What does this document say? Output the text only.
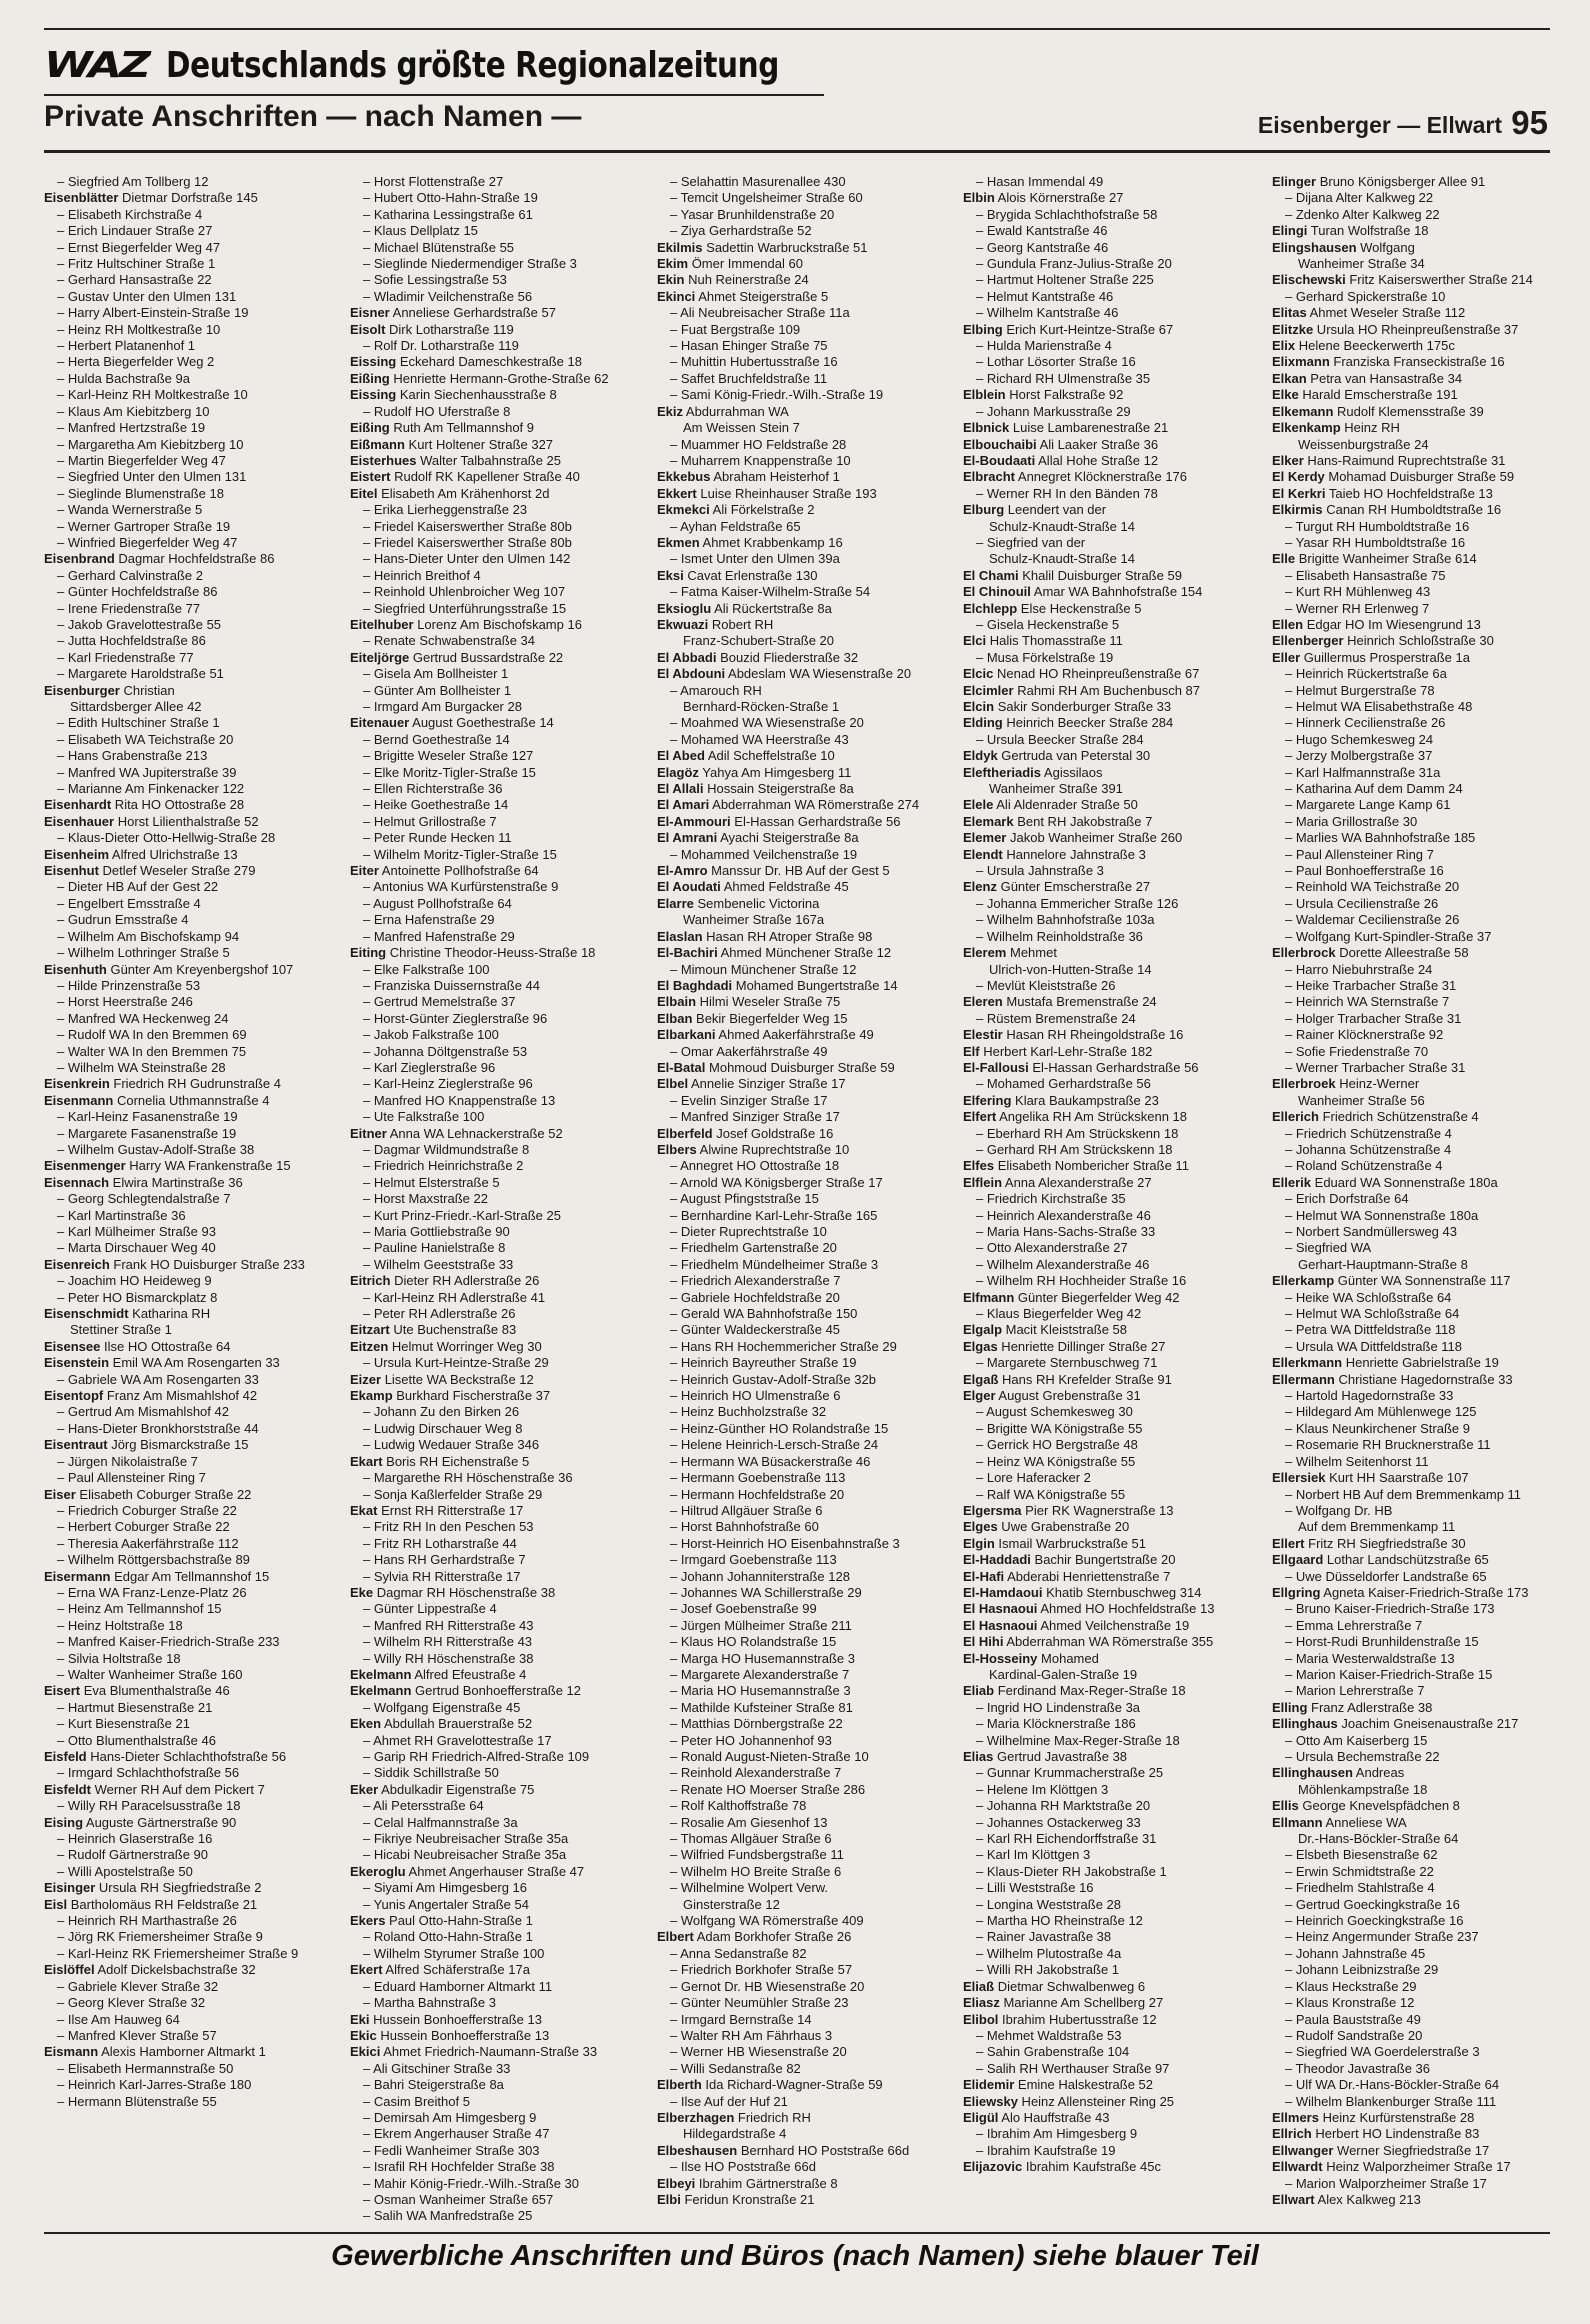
WAZ Deutschlands größte Regionalzeitung
Private Anschriften — nach Namen —	Eisenberger — Ellwart 95
– Siegfried Am Tollberg 12
Eisenblätter Dietmar Dorfstraße 145
– Elisabeth Kirchstraße 4
– Erich Lindauer Straße 27
– Ernst Biegerfelder Weg 47
– Fritz Hultschiner Straße 1
– Gerhard Hansastraße 22
– Gustav Unter den Ulmen 131
– Harry Albert-Einstein-Straße 19
– Heinz RH Moltkestraße 10
– Herbert Platanenhof 1
– Herta Biegerfelder Weg 2
– Hulda Bachstraße 9a
– Karl-Heinz RH Moltkestraße 10
– Klaus Am Kiebitzberg 10
– Manfred Hertzstraße 19
– Margaretha Am Kiebitzberg 10
– Martin Biegerfelder Weg 47
– Siegfried Unter den Ulmen 131
– Sieglinde Blumenstraße 18
– Wanda Wernerstraße 5
– Werner Gartroper Straße 19
– Winfried Biegerfelder Weg 47
Eisenbrand Dagmar Hochfeldstraße 86
– Gerhard Calvinstraße 2
– Günter Hochfeldstraße 86
– Irene Friedenstraße 77
– Jakob Gravelottestraße 55
– Jutta Hochfeldstraße 86
– Karl Friedenstraße 77
– Margarete Haroldstraße 51
Eisenburger Christian
Sittardsberger Allee 42
– Edith Hultschiner Straße 1
– Elisabeth WA Teichstraße 20
– Hans Grabenstraße 213
– Manfred WA Jupiterstraße 39
– Marianne Am Finkenacker 122
Eisenhardt Rita HO Ottostraße 28
Eisenhauer Horst Lilienthalstraße 52
– Klaus-Dieter Otto-Hellwig-Straße 28
Eisenheim Alfred Ulrichstraße 13
Eisenhut Detlef Weseler Straße 279
– Dieter HB Auf der Gest 22
– Engelbert Emsstraße 4
– Gudrun Emsstraße 4
– Wilhelm Am Bischofskamp 94
– Wilhelm Lothringer Straße 5
Eisenhuth Günter Am Kreyenbergshof 107
– Hilde Prinzenstraße 53
– Horst Heerstraße 246
– Manfred WA Heckenweg 24
– Rudolf WA In den Bremmen 69
– Walter WA In den Bremmen 75
– Wilhelm WA Steinstraße 28
Eisenkrein Friedrich RH Gudrunstraße 4
Eisenmann Cornelia Uthmannstraße 4
– Karl-Heinz Fasanenstraße 19
– Margarete Fasanenstraße 19
– Wilhelm Gustav-Adolf-Straße 38
Eisenmenger Harry WA Frankenstraße 15
Eisennach Elwira Martinstraße 36
– Georg Schlegtendalstraße 7
– Karl Martinstraße 36
– Karl Mülheimer Straße 93
– Marta Dirschauer Weg 40
Eisenreich Frank HO Duisburger Straße 233
– Joachim HO Heideweg 9
– Peter HO Bismarckplatz 8
Eisenschmidt Katharina RH
Stettiner Straße 1
Eisensee Ilse HO Ottostraße 64
Eisenstein Emil WA Am Rosengarten 33
– Gabriele WA Am Rosengarten 33
Eisentopf Franz Am Mismahlshof 42
– Gertrud Am Mismahlshof 42
– Hans-Dieter Bronkhorststraße 44
Eisentraut Jörg Bismarckstraße 15
– Jürgen Nikolaistraße 7
– Paul Allensteiner Ring 7
Eiser Elisabeth Coburger Straße 22
– Friedrich Coburger Straße 22
– Herbert Coburger Straße 22
– Theresia Aakerfährstraße 112
– Wilhelm Röttgersbachstraße 89
Eisermann Edgar Am Tellmannshof 15
– Erna WA Franz-Lenze-Platz 26
– Heinz Am Tellmannshof 15
– Heinz Holtstraße 18
– Manfred Kaiser-Friedrich-Straße 233
– Silvia Holtstraße 18
– Walter Wanheimer Straße 160
Eisert Eva Blumenthalstraße 46
– Hartmut Biesenstraße 21
– Kurt Biesenstraße 21
– Otto Blumenthalstraße 46
Eisfeld Hans-Dieter Schlachthofstraße 56
– Irmgard Schlachthofstraße 56
Eisfeldt Werner RH Auf dem Pickert 7
– Willy RH Paracelsusstraße 18
Eising Auguste Gärtnerstraße 90
– Heinrich Glaserstraße 16
– Rudolf Gärtnerstraße 90
– Willi Apostelstraße 50
Eisinger Ursula RH Siegfriedstraße 2
Eisl Bartholomäus RH Feldstraße 21
– Heinrich RH Marthastraße 26
– Jörg RK Friemersheimer Straße 9
– Karl-Heinz RK Friemersheimer Straße 9
Eislöffel Adolf Dickelsbachstraße 32
– Gabriele Klever Straße 32
– Georg Klever Straße 32
– Ilse Am Hauweg 64
– Manfred Klever Straße 57
Eismann Alexis Hamborner Altmarkt 1
– Elisabeth Hermannstraße 50
– Heinrich Karl-Jarres-Straße 180
– Hermann Blütenstraße 55
– Horst Flottenstraße 27
– Hubert Otto-Hahn-Straße 19
– Katharina Lessingstraße 61
– Klaus Dellplatz 15
– Michael Blütenstraße 55
– Sieglinde Niedermendiger Straße 3
– Sofie Lessingstraße 53
– Wladimir Veilchenstraße 56
Eisner Anneliese Gerhardstraße 57
Eisolt Dirk Lotharstraße 119
– Rolf Dr. Lotharstraße 119
Eissing Eckehard Dameschkestraße 18
Eißing Henriette Hermann-Grothe-Straße 62
Eissing Karin Siechenhausstraße 8
– Rudolf HO Uferstraße 8
Eißing Ruth Am Tellmannshof 9
Eißmann Kurt Holtener Straße 327
Eisterhues Walter Talbahnstraße 25
Eistert Rudolf RK Kapellener Straße 40
Eitel Elisabeth Am Krähenhorst 2d
– Erika Lierheggenstraße 23
– Friedel Kaiserswerther Straße 80b
– Friedel Kaiserswerther Straße 80b
– Hans-Dieter Unter den Ulmen 142
– Heinrich Breithof 4
– Reinhold Uhlenbroicher Weg 107
– Siegfried Unterführungsstraße 15
Eitelhuber Lorenz Am Bischofskamp 16
– Renate Schwabenstraße 34
Eiteljörge Gertrud Bussardstraße 22
– Gisela Am Bollheister 1
– Günter Am Bollheister 1
– Irmgard Am Burgacker 28
Eitenauer August Goethestraße 14
– Bernd Goethestraße 14
– Brigitte Weseler Straße 127
– Elke Moritz-Tigler-Straße 15
– Ellen Richterstraße 36
– Heike Goethestraße 14
– Helmut Grillostraße 7
– Peter Runde Hecken 11
– Wilhelm Moritz-Tigler-Straße 15
Eiter Antoinette Pollhofstraße 64
– Antonius WA Kurfürstenstraße 9
– August Pollhofstraße 64
– Erna Hafenstraße 29
– Manfred Hafenstraße 29
Eiting Christine Theodor-Heuss-Straße 18
– Elke Falkstraße 100
– Franziska Duissernstraße 44
– Gertrud Memelstraße 37
– Horst-Günter Zieglerstraße 96
– Jakob Falkstraße 100
– Johanna Döltgenstraße 53
– Karl Zieglerstraße 96
– Karl-Heinz Zieglerstraße 96
– Manfred HO Knappenstraße 13
– Ute Falkstraße 100
Eitner Anna WA Lehnackerstraße 52
– Dagmar Wildmundstraße 8
– Friedrich Heinrichstraße 2
– Helmut Elsterstraße 5
– Horst Maxstraße 22
– Kurt Prinz-Friedr.-Karl-Straße 25
– Maria Gottliebstraße 90
– Pauline Hanielstraße 8
– Wilhelm Geeststraße 33
Eitrich Dieter RH Adlerstraße 26
– Karl-Heinz RH Adlerstraße 41
– Peter RH Adlerstraße 26
Eitzart Ute Buchenstraße 83
Eitzen Helmut Worringer Weg 30
– Ursula Kurt-Heintze-Straße 29
Eizer Lisette WA Beckstraße 12
Ekamp Burkhard Fischerstraße 37
– Johann Zu den Birken 26
– Ludwig Dirschauer Weg 8
– Ludwig Wedauer Straße 346
Ekart Boris RH Eichenstraße 5
– Margarethe RH Höschenstraße 36
– Sonja Kaßlerfelder Straße 29
Ekat Ernst RH Ritterstraße 17
– Fritz RH In den Peschen 53
– Fritz RH Lotharstraße 44
– Hans RH Gerhardstraße 7
– Sylvia RH Ritterstraße 17
Eke Dagmar RH Höschenstraße 38
– Günter Lippestraße 4
– Manfred RH Ritterstraße 43
– Wilhelm RH Ritterstraße 43
– Willy RH Höschenstraße 38
Ekelmann Alfred Efeustraße 4
Ekelmann Gertrud Bonhoefferstraße 12
– Wolfgang Eigenstraße 45
Eken Abdullah Brauerstraße 52
– Ahmet RH Gravelottestraße 17
– Garip RH Friedrich-Alfred-Straße 109
– Siddik Schillstraße 50
Eker Abdulkadir Eigenstraße 75
– Ali Petersstraße 64
– Celal Halfmannstraße 3a
– Fikriye Neubreisacher Straße 35a
– Hicabi Neubreisacher Straße 35a
Ekeroglu Ahmet Angerhauser Straße 47
– Siyami Am Himgesberg 16
– Yunis Angertaler Straße 54
Ekers Paul Otto-Hahn-Straße 1
– Roland Otto-Hahn-Straße 1
– Wilhelm Styrumer Straße 100
Ekert Alfred Schäferstraße 17a
– Eduard Hamborner Altmarkt 11
– Martha Bahnstraße 3
Eki Hussein Bonhoefferstraße 13
Ekic Hussein Bonhoefferstraße 13
Ekici Ahmet Friedrich-Naumann-Straße 33
– Ali Gitschiner Straße 33
– Bahri Steigerstraße 8a
– Casim Breithof 5
– Demirsah Am Himgesberg 9
– Ekrem Angerhauser Straße 47
– Fedli Wanheimer Straße 303
– Israfil RH Hochfelder Straße 38
– Mahir König-Friedr.-Wilh.-Straße 30
– Osman Wanheimer Straße 657
– Salih WA Manfredstraße 25
– Selahattin Masurenallee 430
– Temcit Ungelsheimer Straße 60
– Yasar Brunhildenstraße 20
– Ziya Gerhardstraße 52
Ekilmis Sadettin Warbruckstraße 51
Ekim Ömer Immendal 60
Ekin Nuh Reinerstraße 24
Ekinci Ahmet Steigerstraße 5
– Ali Neubreisacher Straße 11a
– Fuat Bergstraße 109
– Hasan Ehinger Straße 75
– Muhittin Hubertusstraße 16
– Saffet Bruchfeldstraße 11
– Sami König-Friedr.-Wilh.-Straße 19
Ekiz Abdurrahman WA
Am Weissen Stein 7
– Muammer HO Feldstraße 28
– Muharrem Knappenstraße 10
Ekkebus Abraham Heisterhof 1
Ekkert Luise Rheinhauser Straße 193
Ekmekci Ali Förkelstraße 2
– Ayhan Feldstraße 65
Ekmen Ahmet Krabbenkamp 16
– Ismet Unter den Ulmen 39a
Eksi Cavat Erlenstraße 130
– Fatma Kaiser-Wilhelm-Straße 54
Eksioglu Ali Rückertstraße 8a
Ekwuazi Robert RH
Franz-Schubert-Straße 20
El Abbadi Bouzid Fliederstraße 32
El Abdouni Abdeslam WA Wiesenstraße 20
– Amarouch RH
Bernhard-Röcken-Straße 1
– Moahmed WA Wiesenstraße 20
– Mohamed WA Heerstraße 43
El Abed Adil Scheffelstraße 10
Elagöz Yahya Am Himgesberg 11
El Allali Hossain Steigerstraße 8a
El Amari Abderrahman WA Römerstraße 274
El-Ammouri El-Hassan Gerhardstraße 56
El Amrani Ayachi Steigerstraße 8a
– Mohammed Veilchenstraße 19
El-Amro Manssur Dr. HB Auf der Gest 5
El Aoudati Ahmed Feldstraße 45
Elarre Sembenelic Victorina
Wanheimer Straße 167a
Elaslan Hasan RH Atroper Straße 98
El-Bachiri Ahmed Münchener Straße 12
– Mimoun Münchener Straße 12
El Baghdadi Mohamed Bungertstraße 14
Elbain Hilmi Weseler Straße 75
Elban Bekir Biegerfelder Weg 15
Elbarkani Ahmed Aakerfährstraße 49
– Omar Aakerfährstraße 49
El-Batal Mohmoud Duisburger Straße 59
Elbel Annelie Sinziger Straße 17
– Evelin Sinziger Straße 17
– Manfred Sinziger Straße 17
Elberfeld Josef Goldstraße 16
Elbers Alwine Ruprechtstraße 10
– Annegret HO Ottostraße 18
– Arnold WA Königsberger Straße 17
– August Pfingststraße 15
– Bernhardine Karl-Lehr-Straße 165
– Dieter Ruprechtstraße 10
– Friedhelm Gartenstraße 20
– Friedhelm Mündelheimer Straße 3
– Friedrich Alexanderstraße 7
– Gabriele Hochfeldstraße 20
– Gerald WA Bahnhofstraße 150
– Günter Waldeckerstraße 45
– Hans RH Hochemmericher Straße 29
– Heinrich Bayreuther Straße 19
– Heinrich Gustav-Adolf-Straße 32b
– Heinrich HO Ulmenstraße 6
– Heinz Buchholzstraße 32
– Heinz-Günther HO Rolandstraße 15
– Helene Heinrich-Lersch-Straße 24
– Hermann WA Büsackerstraße 46
– Hermann Goebenstraße 113
– Hermann Hochfeldstraße 20
– Hiltrud Allgäuer Straße 6
– Horst Bahnhofstraße 60
– Horst-Heinrich HO Eisenbahnstraße 3
– Irmgard Goebenstraße 113
– Johann Johanniterstraße 128
– Johannes WA Schillerstraße 29
– Josef Goebenstraße 99
– Jürgen Mülheimer Straße 211
– Klaus HO Rolandstraße 15
– Marga HO Husemannstraße 3
– Margarete Alexanderstraße 7
– Maria HO Husemannstraße 3
– Mathilde Kufsteiner Straße 81
– Matthias Dörnbergstraße 22
– Peter HO Johannenhof 93
– Ronald August-Nieten-Straße 10
– Reinhold Alexanderstraße 7
– Renate HO Moerser Straße 286
– Rolf Kalthoffstraße 78
– Rosalie Am Giesenhof 13
– Thomas Allgäuer Straße 6
– Wilfried Fundsbergstraße 11
– Wilhelm HO Breite Straße 6
– Wilhelmine Wolpert Verw.
Ginsterstraße 12
– Wolfgang WA Römerstraße 409
Elbert Adam Borkhofer Straße 26
– Anna Sedanstraße 82
– Friedrich Borkhofer Straße 57
– Gernot Dr. HB Wiesenstraße 20
– Günter Neumühler Straße 23
– Irmgard Bernstraße 14
– Walter RH Am Fährhaus 3
– Werner HB Wiesenstraße 20
– Willi Sedanstraße 82
Elberth Ida Richard-Wagner-Straße 59
– Ilse Auf der Huf 21
Elberzhagen Friedrich RH
Hildegardstraße 4
Elbeshausen Bernhard HO Poststraße 66d
– Ilse HO Poststraße 66d
Elbeyi Ibrahim Gärtnerstraße 8
Elbi Feridun Kronstraße 21
– Hasan Immendal 49
Elbin Alois Körnerstraße 27
– Brygida Schlachthofstraße 58
– Ewald Kantstraße 46
– Georg Kantstraße 46
– Gundula Franz-Julius-Straße 20
– Hartmut Holtener Straße 225
– Helmut Kantstraße 46
– Wilhelm Kantstraße 46
Elbing Erich Kurt-Heintze-Straße 67
– Hulda Marienstraße 4
– Lothar Lösorter Straße 16
– Richard RH Ulmenstraße 35
Elblein Horst Falkstraße 92
– Johann Markusstraße 29
Elbnick Luise Lambarenestraße 21
Elbouchaibi Ali Laaker Straße 36
El-Boudaati Allal Hohe Straße 12
Elbracht Annegret Klöcknerstraße 176
– Werner RH In den Bänden 78
Elburg Leendert van der
Schulz-Knaudt-Straße 14
– Siegfried van der
Schulz-Knaudt-Straße 14
El Chami Khalil Duisburger Straße 59
El Chinouil Amar WA Bahnhofstraße 154
Elchlepp Else Heckenstraße 5
– Gisela Heckenstraße 5
Elci Halis Thomasstraße 11
– Musa Förkelstraße 19
Elcic Nenad HO Rheinpreußenstraße 67
Elcimler Rahmi RH Am Buchenbusch 87
Elcin Sakir Sonderburger Straße 33
Elding Heinrich Beecker Straße 284
– Ursula Beecker Straße 284
Eldyk Gertruda van Peterstal 30
Eleftheriadis Agissilaos
Wanheimer Straße 391
Elele Ali Aldenrader Straße 50
Elemark Bent RH Jakobstraße 7
Elemer Jakob Wanheimer Straße 260
Elendt Hannelore Jahnstraße 3
– Ursula Jahnstraße 3
Elenz Günter Emscherstraße 27
– Johanna Emmericher Straße 126
– Wilhelm Bahnhofstraße 103a
– Wilhelm Reinholdstraße 36
Elerem Mehmet
Ulrich-von-Hutten-Straße 14
– Mevlüt Kleiststraße 26
Eleren Mustafa Bremenstraße 24
– Rüstem Bremenstraße 24
Elestir Hasan RH Rheingoldstraße 16
Elf Herbert Karl-Lehr-Straße 182
El-Fallousi El-Hassan Gerhardstraße 56
– Mohamed Gerhardstraße 56
Elfering Klara Baukampstraße 23
Elfert Angelika RH Am Strückskenn 18
– Eberhard RH Am Strückskenn 18
– Gerhard RH Am Strückskenn 18
Elfes Elisabeth Nombericher Straße 11
Elflein Anna Alexanderstraße 27
– Friedrich Kirchstraße 35
– Heinrich Alexanderstraße 46
– Maria Hans-Sachs-Straße 33
– Otto Alexanderstraße 27
– Wilhelm Alexanderstraße 46
– Wilhelm RH Hochheider Straße 16
Elfmann Günter Biegerfelder Weg 42
– Klaus Biegerfelder Weg 42
Elgalp Macit Kleiststraße 58
Elgas Henriette Dillinger Straße 27
– Margarete Sternbuschweg 71
Elgaß Hans RH Krefelder Straße 91
Elger August Grebenstraße 31
– August Schemkesweg 30
– Brigitte WA Königstraße 55
– Gerrick HO Bergstraße 48
– Heinz WA Königstraße 55
– Lore Haferacker 2
– Ralf WA Königstraße 55
Elgersma Pier RK Wagnerstraße 13
Elges Uwe Grabenstraße 20
Elgin Ismail Warbruckstraße 51
El-Haddadi Bachir Bungertstraße 20
El-Hafi Abderabi Henriettenstraße 7
El-Hamdaoui Khatib Sternbuschweg 314
El Hasnaoui Ahmed HO Hochfeldstraße 13
El Hasnaoui Ahmed Veilchenstraße 19
El Hihi Abderrahman WA Römerstraße 355
El-Hosseiny Mohamed
Kardinal-Galen-Straße 19
Eliab Ferdinand Max-Reger-Straße 18
– Ingrid HO Lindenstraße 3a
– Maria Klöcknerstraße 186
– Wilhelmine Max-Reger-Straße 18
Elias Gertrud Javastraße 38
– Gunnar Krummacherstraße 25
– Helene Im Klöttgen 3
– Johanna RH Marktstraße 20
– Johannes Ostackerweg 33
– Karl RH Eichendorffstraße 31
– Karl Im Klöttgen 3
– Klaus-Dieter RH Jakobstraße 1
– Lilli Weststraße 16
– Longina Weststraße 28
– Martha HO Rheinstraße 12
– Rainer Javastraße 38
– Wilhelm Plutostraße 4a
– Willi RH Jakobstraße 1
Eliaß Dietmar Schwalbenweg 6
Eliasz Marianne Am Schellberg 27
Elibol Ibrahim Hubertusstraße 12
– Mehmet Waldstraße 53
– Sahin Grabenstraße 104
– Salih RH Werthauser Straße 97
Elidemir Emine Halskestraße 52
Eliewsky Heinz Allensteiner Ring 25
Eligül Alo Hauffstraße 43
– Ibrahim Am Himgesberg 9
– Ibrahim Kaufstraße 19
Elijazovic Ibrahim Kaufstraße 45c
Elinger Bruno Königsberger Allee 91
– Dijana Alter Kalkweg 22
– Zdenko Alter Kalkweg 22
Elingi Turan Wolfstraße 18
Elingshausen Wolfgang
Wanheimer Straße 34
Elischewski Fritz Kaiserswerther Straße 214
– Gerhard Spickerstraße 10
Elitas Ahmet Weseler Straße 112
Elitzke Ursula HO Rheinpreußenstraße 37
Elix Helene Beeckerwerth 175c
Elixmann Franziska Franseckistraße 16
Elkan Petra van Hansastraße 34
Elke Harald Emscherstraße 191
Elkemann Rudolf Klemensstraße 39
Elkenkamp Heinz RH
Weissenburgstraße 24
Elker Hans-Raimund Ruprechtstraße 31
El Kerdy Mohamad Duisburger Straße 59
El Kerkri Taieb HO Hochfeldstraße 13
Elkirmis Canan RH Humboldtstraße 16
– Turgut RH Humboldtstraße 16
– Yasar RH Humboldtstraße 16
Elle Brigitte Wanheimer Straße 614
– Elisabeth Hansastraße 75
– Kurt RH Mühlenweg 43
– Werner RH Erlenweg 7
Ellen Edgar HO Im Wiesengrund 13
Ellenberger Heinrich Schloßstraße 30
Eller Guillermus Prosperstraße 1a
– Heinrich Rückertstraße 6a
– Helmut Burgerstraße 78
– Helmut WA Elisabethstraße 48
– Hinnerk Cecilienstraße 26
– Hugo Schemkesweg 24
– Jerzy Molbergstraße 37
– Karl Halfmannstraße 31a
– Katharina Auf dem Damm 24
– Margarete Lange Kamp 61
– Maria Grillostraße 30
– Marlies WA Bahnhofstraße 185
– Paul Allensteiner Ring 7
– Paul Bonhoefferstraße 16
– Reinhold WA Teichstraße 20
– Ursula Cecilienstraße 26
– Waldemar Cecilienstraße 26
– Wolfgang Kurt-Spindler-Straße 37
Ellerbrock Dorette Alleestraße 58
– Harro Niebuhrstraße 24
– Heike Trarbacher Straße 31
– Heinrich WA Sternstraße 7
– Holger Trarbacher Straße 31
– Rainer Klöcknerstraße 92
– Sofie Friedenstraße 70
– Werner Trarbacher Straße 31
Ellerbroek Heinz-Werner
Wanheimer Straße 56
Ellerich Friedrich Schützenstraße 4
– Friedrich Schützenstraße 4
– Johanna Schützenstraße 4
– Roland Schützenstraße 4
Ellerik Eduard WA Sonnenstraße 180a
– Erich Dorfstraße 64
– Helmut WA Sonnenstraße 180a
– Norbert Sandmüllersweg 43
– Siegfried WA
Gerhart-Hauptmann-Straße 8
Ellerkamp Günter WA Sonnenstraße 117
– Heike WA Schloßstraße 64
– Helmut WA Schloßstraße 64
– Petra WA Dittfeldstraße 118
– Ursula WA Dittfeldstraße 118
Ellerkmann Henriette Gabrielstraße 19
Ellermann Christiane Hagedornstraße 33
– Hartold Hagedornstraße 33
– Hildegard Am Mühlenwege 125
– Klaus Neunkirchener Straße 9
– Rosemarie RH Brucknerstraße 11
– Wilhelm Seitenhorst 11
Ellersiek Kurt HH Saarstraße 107
– Norbert HB Auf dem Bremmenkamp 11
– Wolfgang Dr. HB
Auf dem Bremmenkamp 11
Ellert Fritz RH Siegfriedstraße 30
Ellgaard Lothar Landschützstraße 65
– Uwe Düsseldorfer Landstraße 65
Ellgring Agneta Kaiser-Friedrich-Straße 173
– Bruno Kaiser-Friedrich-Straße 173
– Emma Lehrerstraße 7
– Horst-Rudi Brunhildenstraße 15
– Maria Westerwaldstraße 13
– Marion Kaiser-Friedrich-Straße 15
– Marion Lehrerstraße 7
Elling Franz Adlerstraße 38
Ellinghaus Joachim Gneisenaustraße 217
– Otto Am Kaiserberg 15
– Ursula Bechemstraße 22
Ellinghausen Andreas
Möhlenkampstraße 18
Ellis George Knevelspfädchen 8
Ellmann Anneliese WA
Dr.-Hans-Böckler-Straße 64
– Elsbeth Biesenstraße 62
– Erwin Schmidtstraße 22
– Friedhelm Stahlstraße 4
– Gertrud Goeckingkstraße 16
– Heinrich Goeckingkstraße 16
– Heinz Angermunder Straße 237
– Johann Jahnstraße 45
– Johann Leibnizstraße 29
– Klaus Heckstraße 29
– Klaus Kronstraße 12
– Paula Bauststraße 49
– Rudolf Sandstraße 20
– Siegfried WA Goerdelerstraße 3
– Theodor Javastraße 36
– Ulf WA Dr.-Hans-Böckler-Straße 64
– Wilhelm Blankenburger Straße 111
Ellmers Heinz Kurfürstenstraße 28
Ellrich Herbert HO Lindenstraße 83
Ellwanger Werner Siegfriedstraße 17
Ellwardt Heinz Walporzheimer Straße 17
– Marion Walporzheimer Straße 17
Ellwart Alex Kalkweg 213
Gewerbliche Anschriften und Büros (nach Namen) siehe blauer Teil
